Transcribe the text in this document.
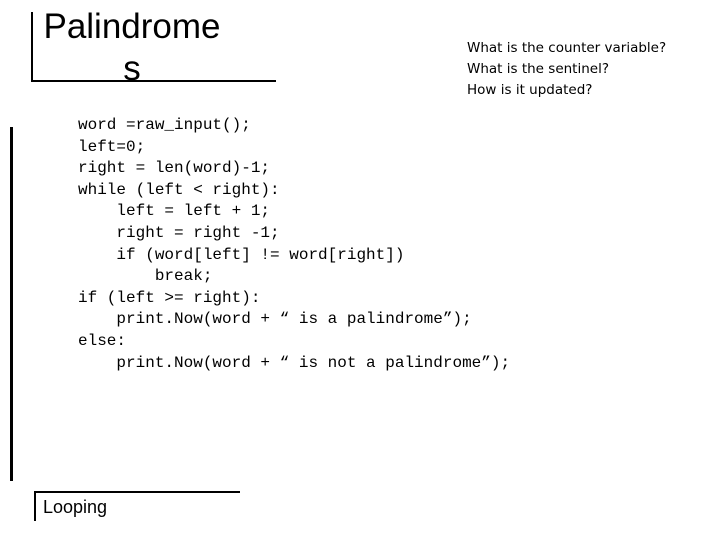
Palindromes
What is the counter variable?
What is the sentinel?
How is it updated?
word =raw_input();
left=0;
right = len(word)-1;
while (left < right):
left = left + 1;
right = right -1;
if (word[left] != word[right])
break;
if (left >= right):
print.Now(word + “ is a palindrome”);
else:
print.Now(word + “ is not a palindrome”);
Looping
